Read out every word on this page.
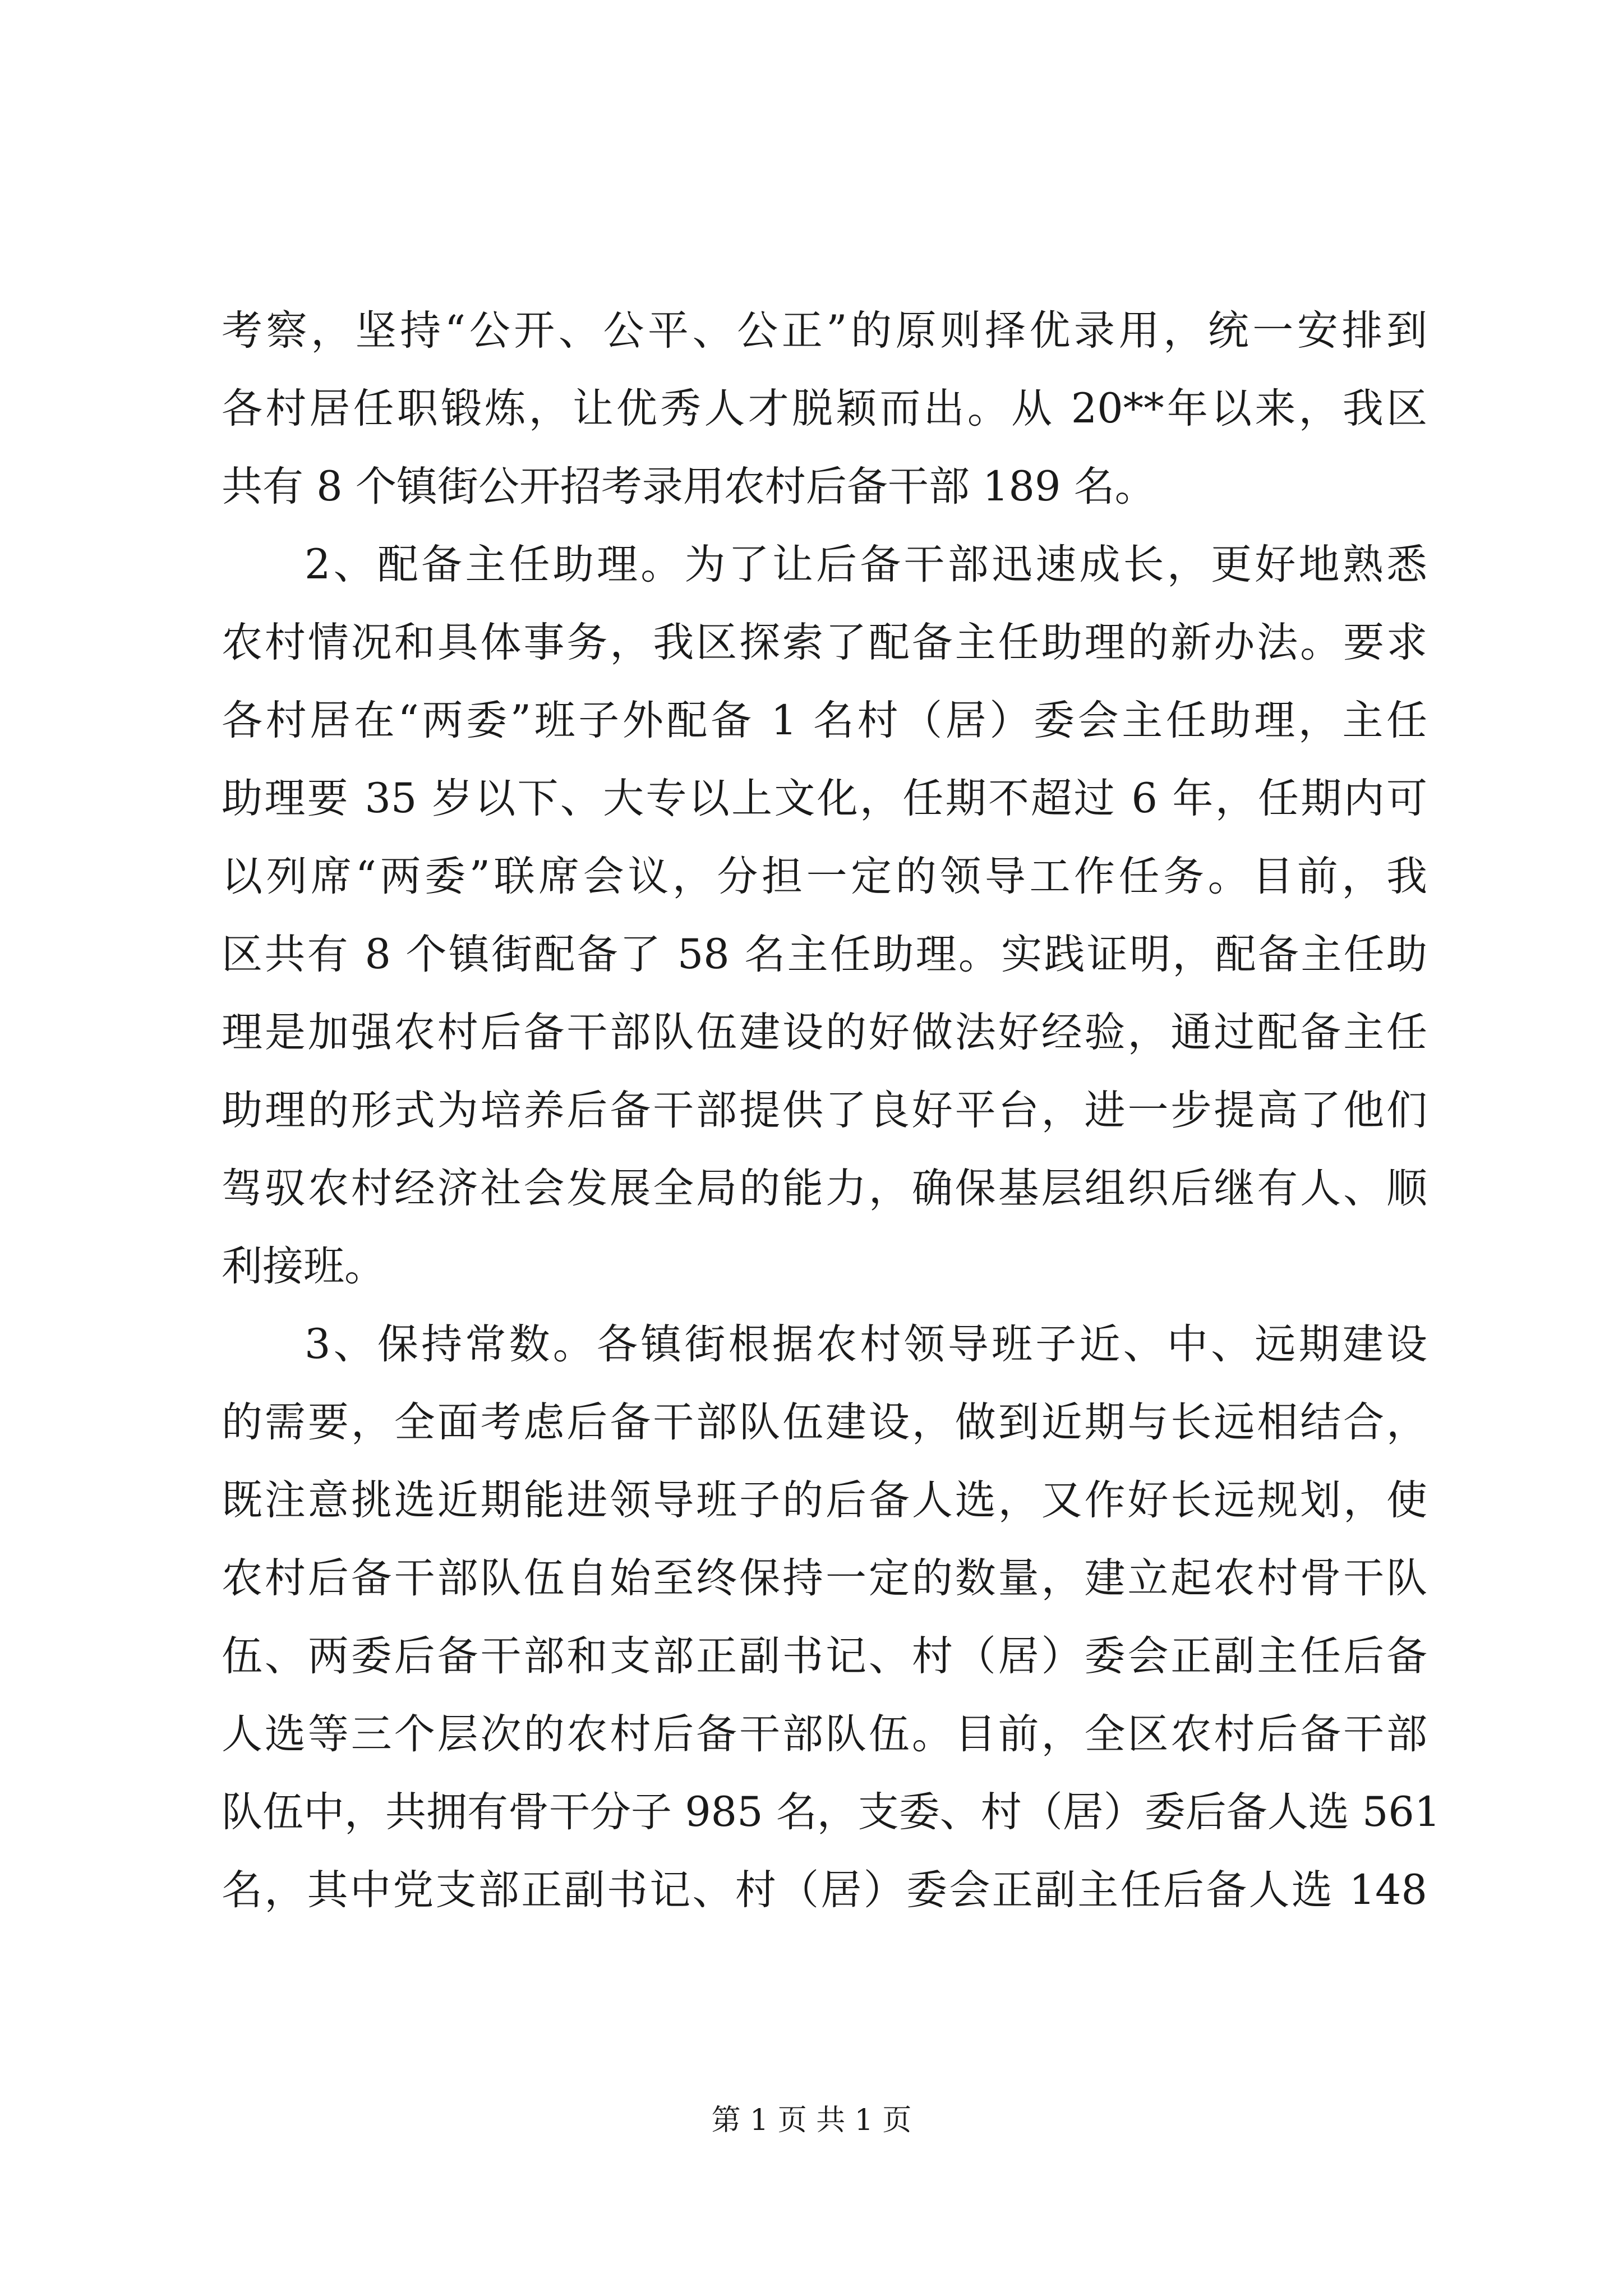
考察，坚持“公开、公平、公正”的原则择优录用，统一安排到
各村居任职锻炼，让优秀人才脱颖而出。从 20**年以来，我区
共有 8 个镇街公开招考录用农村后备干部 189 名。
2、配备主任助理。为了让后备干部迅速成长，更好地熟悉
农村情况和具体事务，我区探索了配备主任助理的新办法。要求
各村居在“两委”班子外配备 1 名村（居）委会主任助理，主任
助理要 35 岁以下、大专以上文化，任期不超过 6 年，任期内可
以列席“两委”联席会议，分担一定的领导工作任务。目前，我
区共有 8 个镇街配备了 58 名主任助理。实践证明，配备主任助
理是加强农村后备干部队伍建设的好做法好经验，通过配备主任
助理的形式为培养后备干部提供了良好平台，进一步提高了他们
驾驭农村经济社会发展全局的能力，确保基层组织后继有人、顺
利接班。
3、保持常数。各镇街根据农村领导班子近、中、远期建设
的需要，全面考虑后备干部队伍建设，做到近期与长远相结合，
既注意挑选近期能进领导班子的后备人选，又作好长远规划，使
农村后备干部队伍自始至终保持一定的数量，建立起农村骨干队
伍、两委后备干部和支部正副书记、村（居）委会正副主任后备
人选等三个层次的农村后备干部队伍。目前，全区农村后备干部
队伍中，共拥有骨干分子 985 名，支委、村（居）委后备人选 561
名，其中党支部正副书记、村（居）委会正副主任后备人选 148
第 1 页 共 1 页
